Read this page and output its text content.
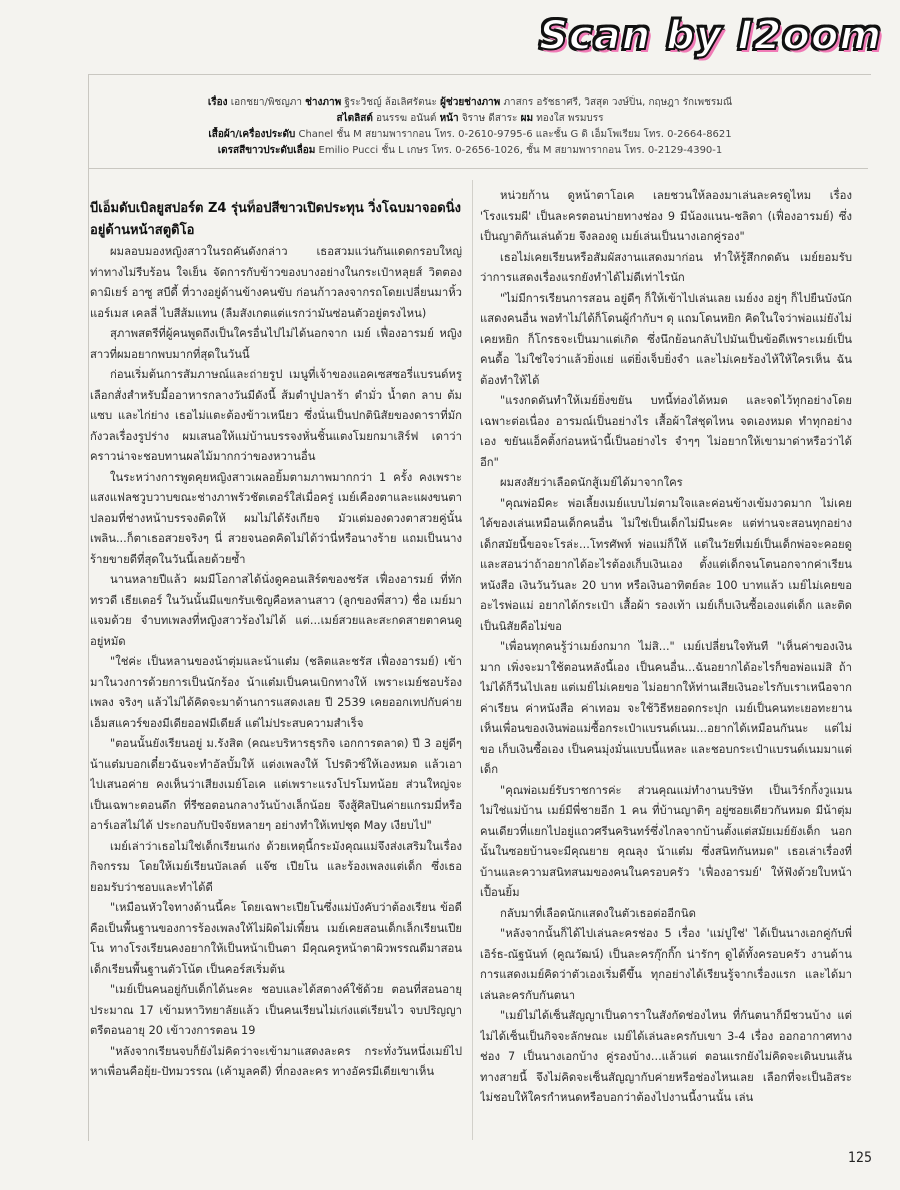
Scan by I2oom
เรื่อง เอกชยา/พิชญภา ช่างภาพ ฐิระวิชญ์ ล้อเลิศรัตนะ ผู้ช่วยช่างภาพ ภาสกร อรัชธาศรี, วิสสุต วงษ์ปิ่น, กฤษฎา รักเพชรมณี
สไตลิสต์ อนรรฆ อนันต์ หน้า จิราษ ดีสาระ ผม ทองใส พรมบรร
เสื้อผ้า/เครื่องประดับ Chanel ชั้น M สยามพารากอน โทร. 0-2610-9795-6 และชั้น G ดิ เอ็มโพเรียม โทร. 0-2664-8621
เดรสสีขาวประดับเลื่อม Emilio Pucci ชั้น L เกษร โทร. 0-2656-1026, ชั้น M สยามพารากอน โทร. 0-2129-4390-1
บีเอ็มดับเบิลยูสปอร์ต Z4 รุ่นท็อปสีขาวเปิดประทุน วิ่งโฉบมาจอดนิ่งอยู่ด้านหน้าสตูดิโอ

ผมลอบมองหญิงสาวในรถคันดังกล่าว เธอสวมแว่นกันแดดกรอบใหญ่ ท่าทางไม่รีบร้อน ใจเย็น จัดการกับข้าวของบางอย่างในกระเป๋าหลุยส์ วิตตอง ดามิเยร์ อาซู สบีดี้ ที่วางอยู่ด้านข้างคนขับ ก่อนก้าวลงจากรถโดยเปลี่ยนมาหิ้วแอร์เมส เคลลี่ ไบสีส้มแทน (ลืมสังเกตแต่แรกว่ามันซ่อนตัวอยู่ตรงไหน)

สุภาพสตรีที่ผู้คนพูดถึงเป็นใครอื่นไปไม่ได้นอกจาก เมย์ เฟื่องอารมย์ หญิงสาวที่ผมอยากพบมากที่สุดในวันนี้

ก่อนเริ่มต้นการสัมภาษณ์และถ่ายรูป เมนูที่เจ้าของแอคเซสซอรี่แบรนด์หรูเลือกสั่งสำหรับมื้ออาหารกลางวันมีดังนี้ ส้มตำปูปลาร้า ตำมั่ว น้ำตก ลาบ ต้มแซบ และไก่ย่าง เธอไม่แตะต้องข้าวเหนียว ซึ่งนั่นเป็นปกตินิสัยของดาราที่มักกังวลเรื่องรูปร่าง ผมเสนอให้แม่บ้านบรรจงหั่นชิ้นแตงโมยกมาเสิร์ฟ เดาว่าคราวน่าจะชอบทานผลไม้มากกว่าของหวานอื่น

ในระหว่างการพูดคุยหญิงสาวเผลอยิ้มตามภาพมากกว่า 1 ครั้ง คงเพราะแสงแฟลชวูบวาบขณะช่างภาพรัวชัตเตอร์ใส่เมื่อครู่ เมย์เคืองตาและแผงขนตาปลอมที่ช่างหน้าบรรจงติดให้ ผมไม่ได้รังเกียจ มัวแต่มองดวงตาสวยคู่นั้นเพลิน...ก็ตาเธอสวยจริงๆ นี่ สวยจนอดคิดไม่ได้ว่านี่หรือนางร้าย แถมเป็นนางร้ายขายดีที่สุดในวันนี้เลยด้วยซ้ำ

นานหลายปีแล้ว ผมมีโอกาสได้นั่งดูคอนเสิร์ตของชรัส เฟื่องอารมย์ ที่ทักทรวดี เธียเตอร์ ในวันนั้นมีแขกรับเชิญคือหลานสาว (ลูกของพี่สาว) ชื่อ เมย์มาแจมด้วย จำบทเพลงที่หญิงสาวร้องไม่ได้ แต่...เมย์สวยและสะกดสายตาคนดูอยู่หมัด

"ใช่ค่ะ เป็นหลานของน้าตุ่มและน้าแต๋ม (ชลิตและชรัส เฟื่องอารมย์) เข้ามาในวงการด้วยการเป็นนักร้อง น้าแต๋มเป็นคนเบิกทางให้ เพราะเมย์ชอบร้องเพลง จริงๆ แล้วไม่ได้คิดจะมาด้านการแสดงเลย ปี 2539 เคยออกเทปกับค่ายเอ็มสแควร์ของมีเดียออฟมีเดียส์ แต่ไม่ประสบความสำเร็จ

"ตอนนั้นยังเรียนอยู่ ม.รังสิต (คณะบริหารธุรกิจ เอกการตลาด) ปี 3 อยู่ดีๆ น้าแต๋มบอกเดี๋ยวฉันจะทำอัลบั้มให้ แต่งเพลงให้ โปรดิวซ์ให้เองหมด แล้วเอาไปเสนอค่าย คงเห็นว่าเสียงเมย์โอเค แต่เพราะแรงโปรโมทน้อย ส่วนใหญ่จะเป็นเฉพาะตอนดึก ที่รีซอตอนกลางวันบ้างเล็กน้อย จึงสู้ศิลปินค่ายแกรมมี่หรืออาร์เอสไม่ได้ ประกอบกับปัจจัยหลายๆ อย่างทำให้เทปชุด May เงียบไป"

เมย์เล่าว่าเธอไม่ใช่เด็กเรียนเก่ง ด้วยเหตุนี้กระมังคุณแม่จึงส่งเสริมในเรื่องกิจกรรม โดยให้เมย์เรียนบัลเลต์ แจ๊ซ เปียโน และร้องเพลงแต่เด็ก ซึ่งเธอยอมรับว่าชอบและทำได้ดี

"เหมือนหัวใจทางด้านนี้คะ โดยเฉพาะเปียโนซึ่งแม่บังคับว่าต้องเรียน ข้อดีคือเป็นพื้นฐานของการร้องเพลงให้ไม่ผิดไม่เพี้ยน เมย์เคยสอนเด็กเล็กเรียนเปียโน ทางโรงเรียนคงอยากให้เป็นหน้าเป็นตา มีคุณครูหน้าตาผิวพรรณดีมาสอนเด็กเรียนพื้นฐานตัวโน้ต เป็นคอร์สเริ่มต้น

"เมย์เป็นคนอยู่กับเด็กได้นะคะ ชอบและได้สตางค์ใช้ด้วย ตอนที่สอนอายุประมาณ 17 เข้ามหาวิทยาลัยแล้ว เป็นคนเรียนไม่เก่งแต่เรียนไว จบปริญญาตรีตอนอายุ 20 เข้าวงการตอน 19

"หลังจากเรียนจบก็ยังไม่คิดว่าจะเข้ามาแสดงละคร กระทั่งวันหนึ่งเมย์ไปหาเพื่อนคือยุ้ย-ปัทมวรรณ (เค้ามูลคดี) ที่กองละคร ทางอัครมีเดียเขาเห็น

หน่วยก้าน ดูหน้าตาโอเค เลยชวนให้ลองมาเล่นละครดูไหม เรื่อง 'โรงแรมผี' เป็นละครตอนบ่ายทางช่อง 9 มีน้องแนน-ชลิดา (เฟื่องอารมย์) ซึ่งเป็นญาติกันเล่นด้วย จึงลองดู เมย์เล่นเป็นนางเอกคู่รอง"

เธอไม่เคยเรียนหรือสัมผัสงานแสดงมาก่อน ทำให้รู้สึกกดดัน เมย์ยอมรับว่าการแสดงเรื่องแรกยังทำได้ไม่ดีเท่าไรนัก

"ไม่มีการเรียนการสอน อยู่ดีๆ ก็ให้เข้าไปเล่นเลย เมย์งง อยู่ๆ ก็ไปยืนบังนักแสดงคนอื่น พอทำไม่ได้ก็โดนผู้กำกับฯ ดุ แถมโดนหยิก คิดในใจว่าพ่อแม่ยังไม่เคยหยิก ก็โกรธจะเป็นมาแต่เกิด ซึ่งนึกย้อนกลับไปมันเป็นข้อดีเพราะเมย์เป็นคนดื้อ ไม่ใช่ใจว่าแล้วยิ่งแย่ แต่ยิ่งเจ็บยิ่งจำ และไม่เคยร้องไห้ให้ใครเห็น ฉันต้องทำให้ได้

"แรงกดดันทำให้เมย์ยิ่งขยัน บทนี้ท่องได้หมด และจดไว้ทุกอย่างโดยเฉพาะต่อเนื่อง อารมณ์เป็นอย่างไร เสื้อผ้าใส่ชุดไหน จดเองหมด ทำทุกอย่างเอง ขยันแอ็คติ้งก่อนหน้านี้เป็นอย่างไร จำๆๆ ไม่อยากให้เขามาด่าหรือว่าได้อีก"

ผมสงสัยว่าเลือดนักสู้เมย์ได้มาจากใคร

"คุณพ่อมีคะ พ่อเลี้ยงเมย์แบบไม่ตามใจและค่อนข้างเข้มงวดมาก ไม่เคยได้ของเล่นเหมือนเด็กคนอื่น ไม่ใช่เป็นเด็กไม่มีนะคะ แต่ท่านจะสอนทุกอย่าง เด็กสมัยนี้ขอจะโรล่ะ...โทรศัพท์ พ่อแม่ก็ให้ แต่ในวัยที่เมย์เป็นเด็กพ่อจะคอยดูและสอนว่าถ้าอยากได้อะไรต้องเก็บเงินเอง ตั้งแต่เด็กจนโตนอกจากค่าเรียนหนังสือ เงินวันวันละ 20 บาท หรือเงินอาทิตย์ละ 100 บาทแล้ว เมย์ไม่เคยขออะไรพ่อแม่ อยากได้กระเป๋า เสื้อผ้า รองเท้า เมย์เก็บเงินซื้อเองแต่เด็ก และติดเป็นนิสัยคือไม่ขอ

"เพื่อนทุกคนรู้ว่าเมย์งกมาก ไม่สิ..." เมย์เปลี่ยนใจทันที "เห็นค่าของเงินมาก เพิ่งจะมาใช้ตอนหลังนี้เอง เป็นคนอื่น...ฉันอยากได้อะไรก็ขอพ่อแม่สิ ถ้าไม่ได้ก็วีนไปเลย แต่เมย์ไม่เคยขอ ไม่อยากให้ท่านเสียเงินอะไรกับเราเหนือจากค่าเรียน ค่าหนังสือ ค่าเทอม จะใช้วิธีหยอดกระปุก เมย์เป็นคนทะเยอทะยาน เห็นเพื่อนของเงินพ่อแม่ซื้อกระเป๋าแบรนด์เนม...อยากได้เหมือนกันนะ แต่ไม่ขอ เก็บเงินซื้อเอง เป็นคนมุ่งมั่นแบบนี้แหละ และชอบกระเป๋าแบรนด์เนมมาแต่เด็ก

"คุณพ่อเมย์รับราชการค่ะ ส่วนคุณแม่ทำงานบริษัท เป็นเวิร์กกิ้งวูแมน ไม่ใช่แม่บ้าน เมย์มีพี่ชายอีก 1 คน ที่บ้านญาติๆ อยู่ซอยเดียวกันหมด มีน้าตุ่มคนเดียวที่แยกไปอยู่แถวศรีนครินทร์ซึ่งไกลจากบ้านตั้งแต่สมัยเมย์ยังเด็ก นอกนั้นในซอยบ้านจะมีคุณยาย คุณลุง น้าแต๋ม ซึ่งสนิทกันหมด" เธอเล่าเรื่องที่บ้านและความสนิทสนมของคนในครอบครัว 'เฟื่องอารมย์' ให้ฟังด้วยใบหน้าเปื้อนยิ้ม

กลับมาที่เลือดนักแสดงในตัวเธอต่ออีกนิด

"หลังจากนั้นก็ได้ไปเล่นละครช่อง 5 เรื่อง 'แม่ปูใช่' ได้เป็นนางเอกคู่กับพี่เอิร์ธ-ณัฐนันท์ (คูณวัฒน์) เป็นละครกุ๊กกิ๊ก น่ารักๆ ดูได้ทั้งครอบครัว งานด้านการแสดงเมย์คิดว่าตัวเองเริ่มดีขึ้น ทุกอย่างได้เรียนรู้จากเรื่องแรก และได้มาเล่นละครกับกันตนา

"เมย์ไม่ได้เซ็นสัญญาเป็นดาราในสังกัดช่องไหน ที่กันตนาก็มีชวนบ้าง แต่ไม่ได้เซ็นเป็นกิจจะลักษณะ เมย์ได้เล่นละครกับเขา 3-4 เรื่อง ออกอากาศทางช่อง 7 เป็นนางเอกบ้าง คู่รองบ้าง...แล้วแต่ ตอนแรกยังไม่คิดจะเดินบนเส้นทางสายนี้ จึงไม่คิดจะเซ็นสัญญากับค่ายหรือช่องไหนเลย เลือกที่จะเป็นอิสระ ไม่ชอบให้ใครกำหนดหรือบอกว่าต้องไปงานนี้งานนั้น เล่น

125
